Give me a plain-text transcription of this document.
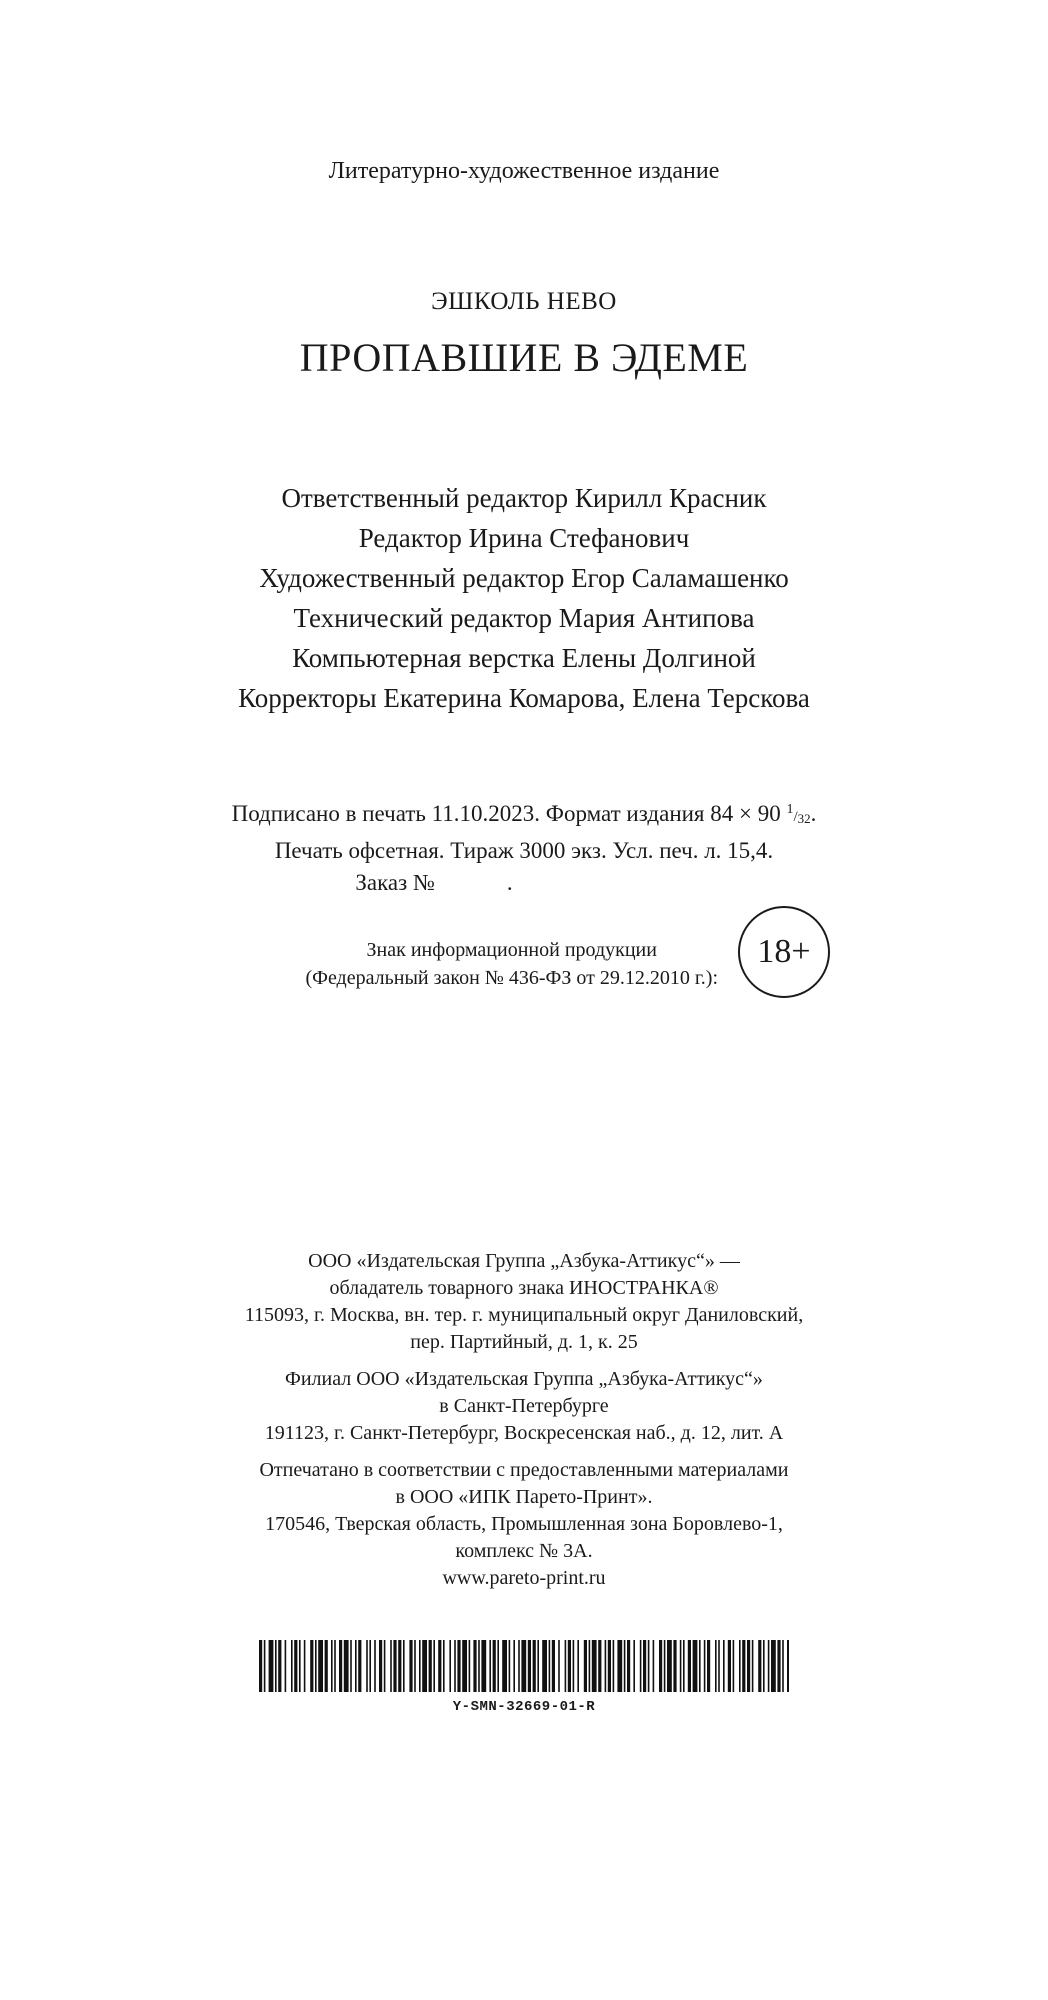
Литературно-художественное издание
ЭШКОЛЬ НЕВО
ПРОПАВШИЕ В ЭДЕМЕ
Ответственный редактор Кирилл Красник
Редактор Ирина Стефанович
Художественный редактор Егор Саламашенко
Технический редактор Мария Антипова
Компьютерная верстка Елены Долгиной
Корректоры Екатерина Комарова, Елена Терскова
Подписано в печать 11.10.2023. Формат издания 84 × 90 $^1/_{32}$.
Печать офсетная. Тираж 3000 экз. Усл. печ. л. 15,4.
Заказ №	.
Знак информационной продукции
(Федеральный закон № 436-ФЗ от 29.12.2010 г.):
18+
ООО «Издательская Группа „Азбука-Аттикус“» —
обладатель товарного знака ИНОСТРАНКА®
115093, г. Москва, вн. тер. г. муниципальный округ Даниловский,
пер. Партийный, д. 1, к. 25
Филиал ООО «Издательская Группа „Азбука-Аттикус“»
в Санкт-Петербурге
191123, г. Санкт-Петербург, Воскресенская наб., д. 12, лит. А
Отпечатано в соответствии с предоставленными материалами
в ООО «ИПК Парето-Принт».
170546, Тверская область, Промышленная зона Боровлево-1,
комплекс № 3А.
www.pareto-print.ru
Y-SMN-32669-01-R
